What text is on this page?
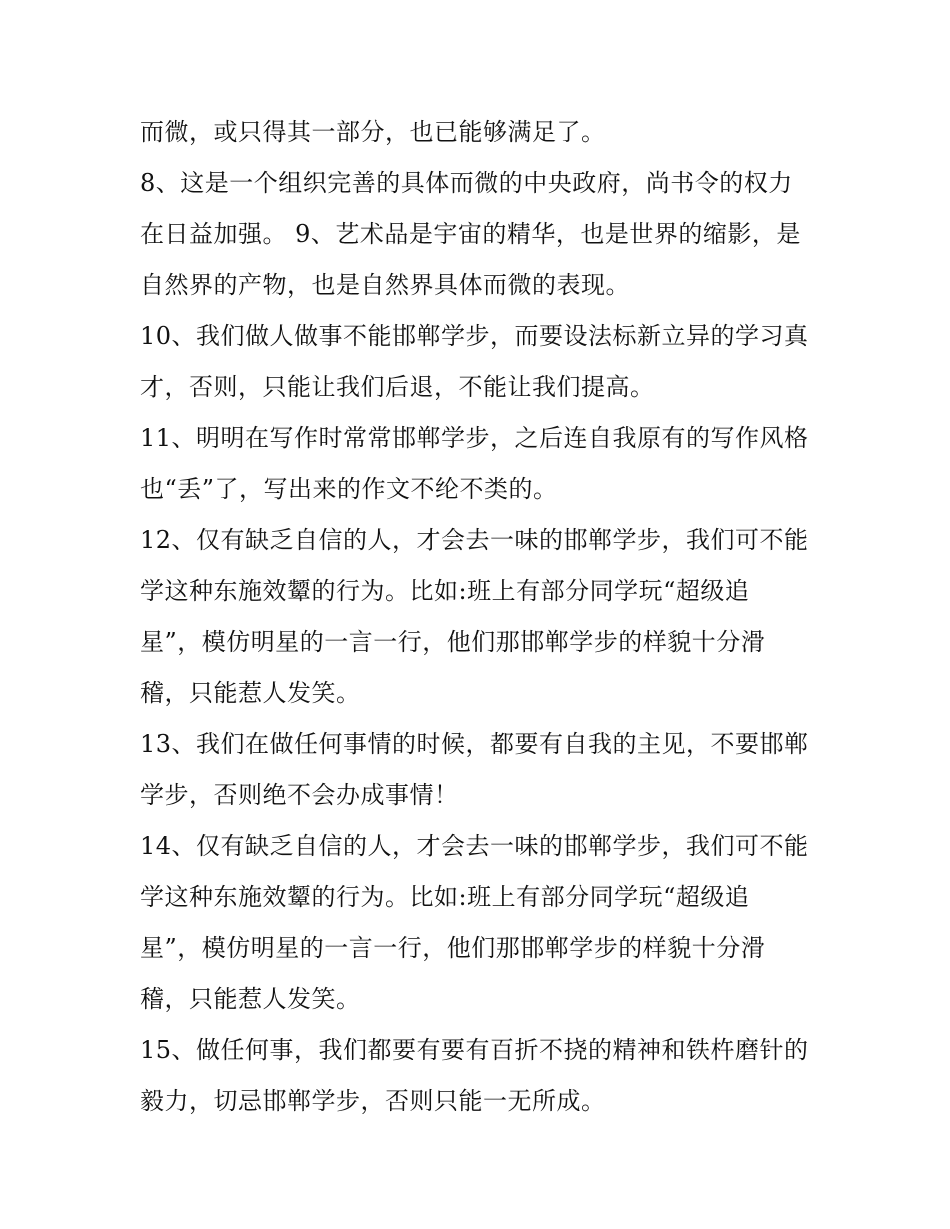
而微，或只得其一部分，也已能够满足了。
8、这是一个组织完善的具体而微的中央政府，尚书令的权力
在日益加强。 9、艺术品是宇宙的精华，也是世界的缩影，是
自然界的产物，也是自然界具体而微的表现。
10、我们做人做事不能邯郸学步，而要设法标新立异的学习真
才，否则，只能让我们后退，不能让我们提高。
11、明明在写作时常常邯郸学步，之后连自我原有的写作风格
也“丢”了，写出来的作文不纶不类的。
12、仅有缺乏自信的人，才会去一味的邯郸学步，我们可不能
学这种东施效颦的行为。比如:班上有部分同学玩“超级追
星”，模仿明星的一言一行，他们那邯郸学步的样貌十分滑
稽，只能惹人发笑。
13、我们在做任何事情的时候，都要有自我的主见，不要邯郸
学步，否则绝不会办成事情！
14、仅有缺乏自信的人，才会去一味的邯郸学步，我们可不能
学这种东施效颦的行为。比如:班上有部分同学玩“超级追
星”，模仿明星的一言一行，他们那邯郸学步的样貌十分滑
稽，只能惹人发笑。
15、做任何事，我们都要有要有百折不挠的精神和铁杵磨针的
毅力，切忌邯郸学步，否则只能一无所成。
